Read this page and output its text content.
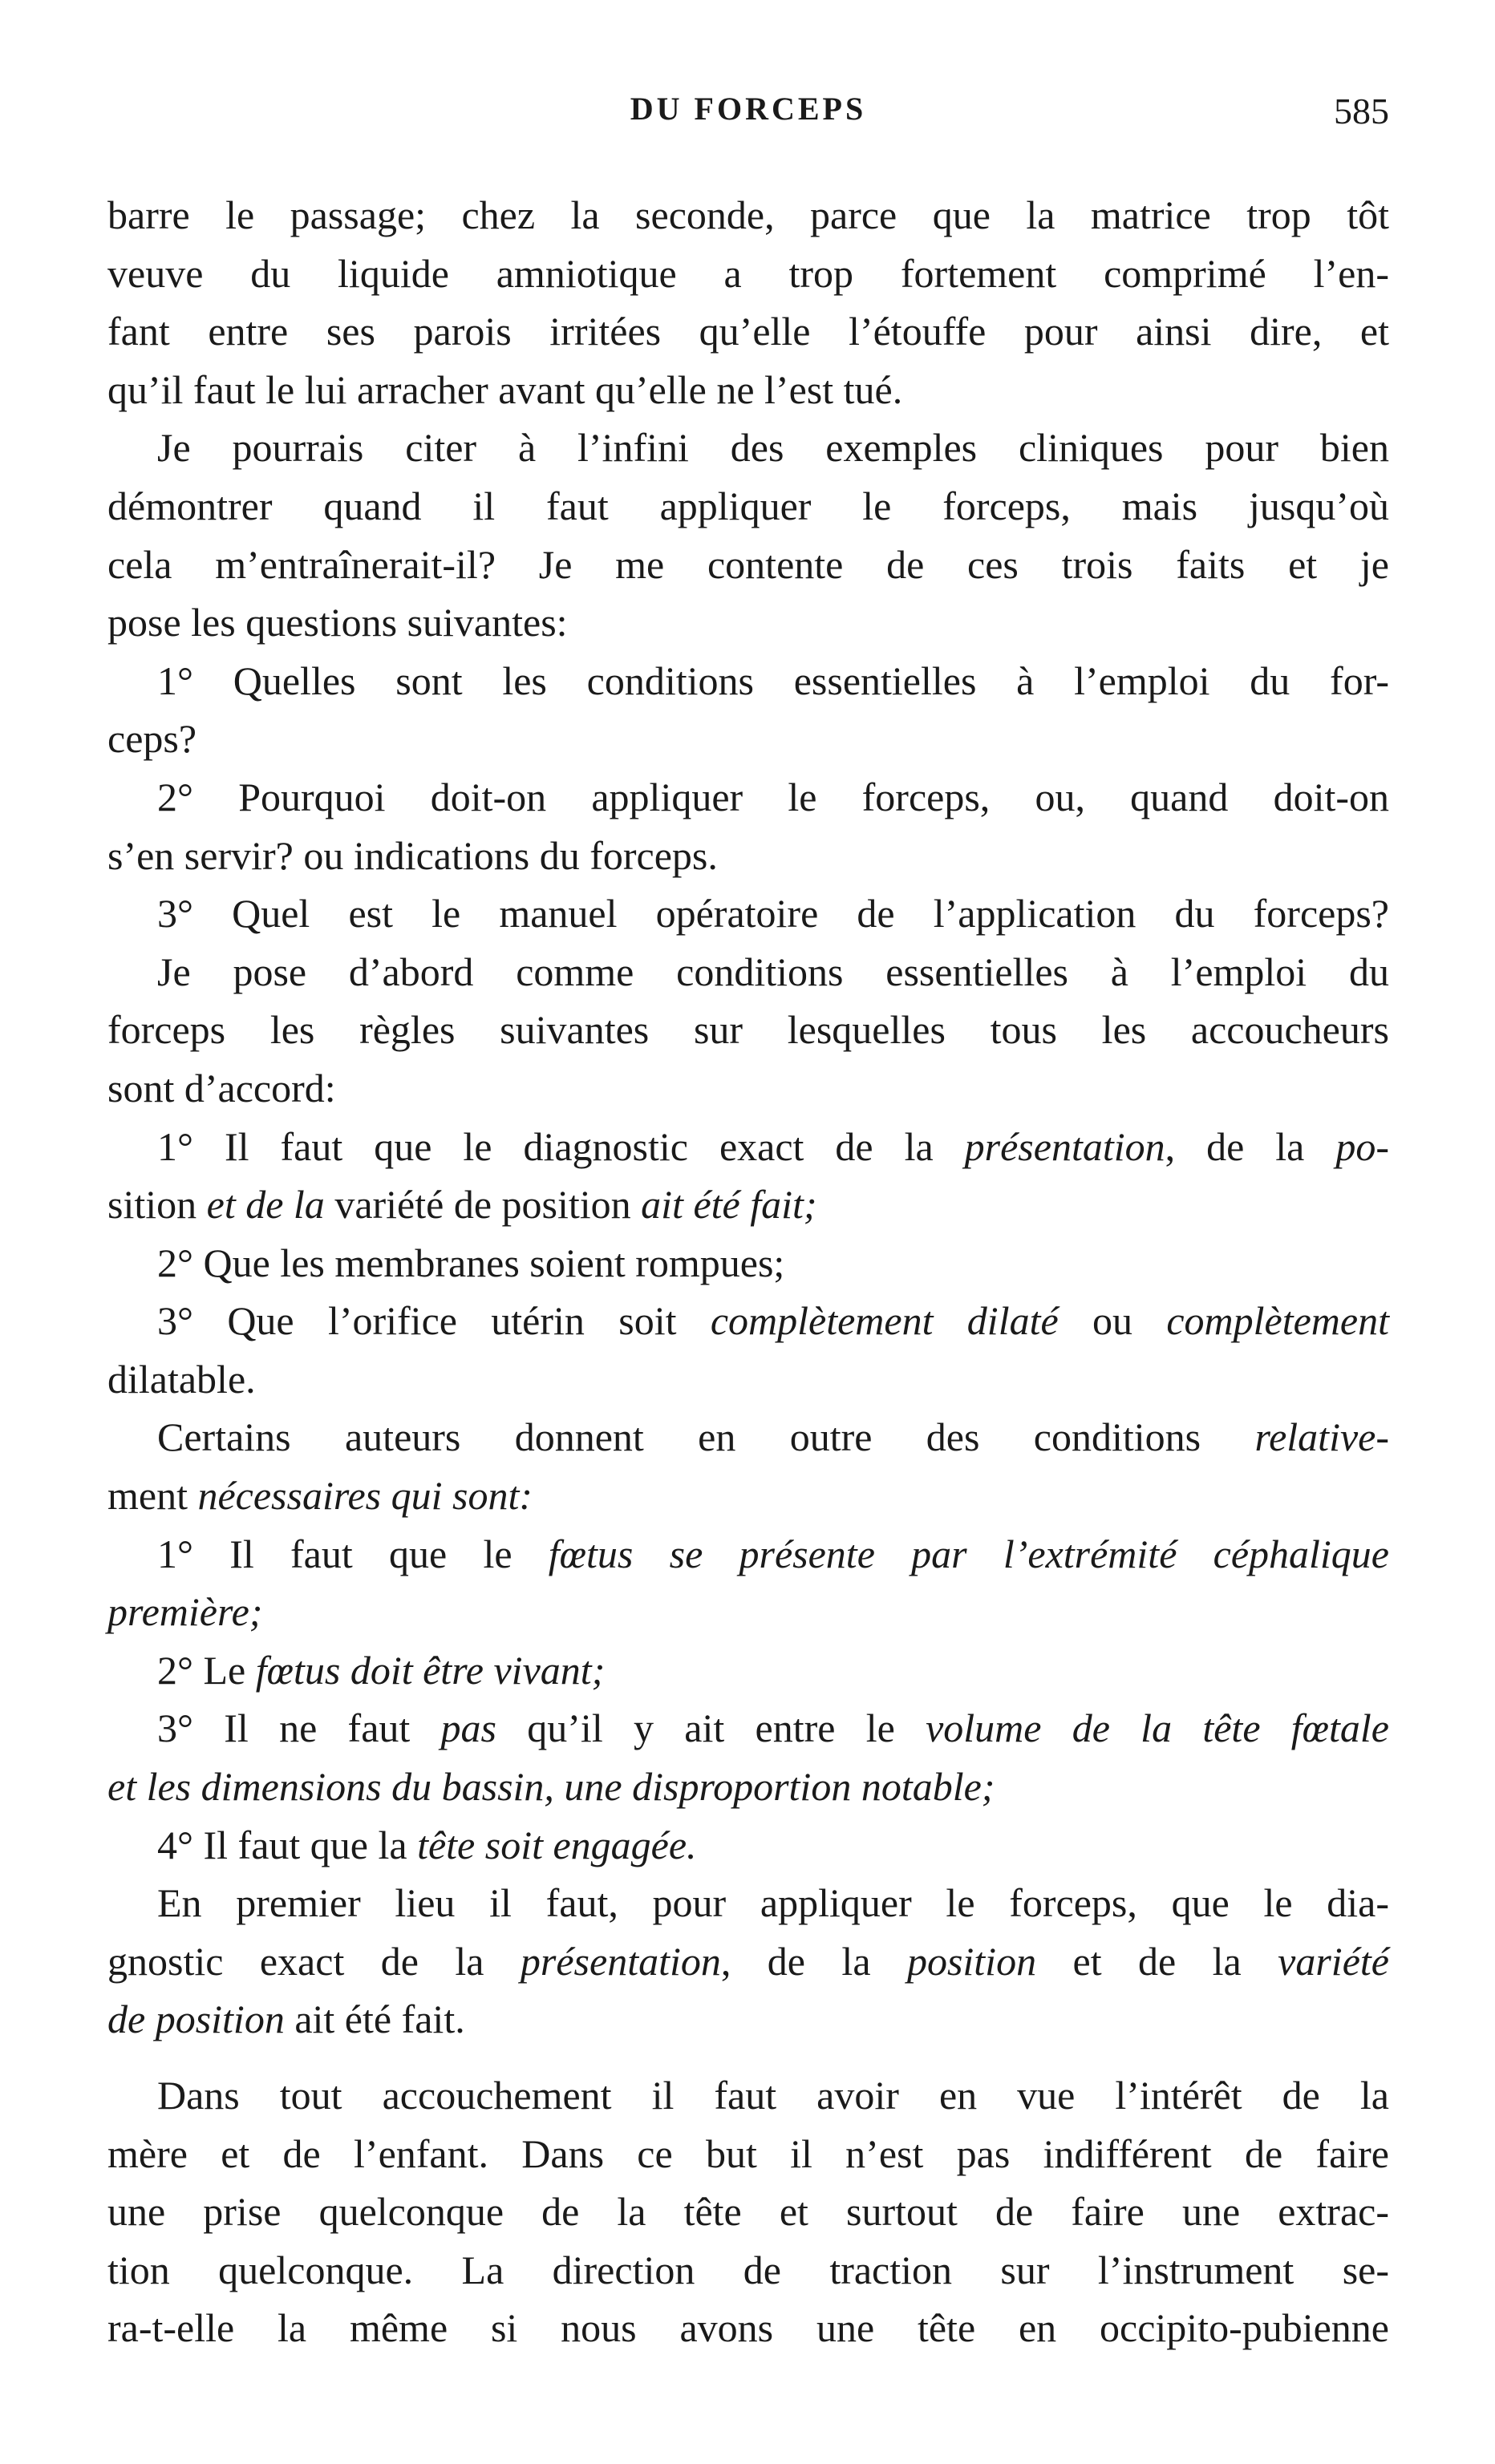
DU FORCEPS	585
barre le passage; chez la seconde, parce que la matrice trop tôt
veuve du liquide amniotique a trop fortement comprimé l’en-
fant entre ses parois irritées qu’elle l’étouffe pour ainsi dire, et
qu’il faut le lui arracher avant qu’elle ne l’est tué.
Je pourrais citer à l’infini des exemples cliniques pour bien
démontrer quand il faut appliquer le forceps, mais jusqu’où
cela m’entraînerait-il? Je me contente de ces trois faits et je
pose les questions suivantes:
1° Quelles sont les conditions essentielles à l’emploi du for-
ceps?
2° Pourquoi doit-on appliquer le forceps, ou, quand doit-on
s’en servir? ou indications du forceps.
3° Quel est le manuel opératoire de l’application du forceps?
Je pose d’abord comme conditions essentielles à l’emploi du
forceps les règles suivantes sur lesquelles tous les accoucheurs
sont d’accord:
1° Il faut que le diagnostic exact de la présentation, de la po-
sition et de la variété de position ait été fait;
2° Que les membranes soient rompues;
3° Que l’orifice utérin soit complètement dilaté ou complètement
dilatable.
Certains auteurs donnent en outre des conditions relative-
ment nécessaires qui sont:
1° Il faut que le fœtus se présente par l’extrémité céphalique
première;
2° Le fœtus doit être vivant;
3° Il ne faut pas qu’il y ait entre le volume de la tête fœtale
et les dimensions du bassin, une disproportion notable;
4° Il faut que la tête soit engagée.
En premier lieu il faut, pour appliquer le forceps, que le dia-
gnostic exact de la présentation, de la position et de la variété
de position ait été fait.
Dans tout accouchement il faut avoir en vue l’intérêt de la
mère et de l’enfant. Dans ce but il n’est pas indifférent de faire
une prise quelconque de la tête et surtout de faire une extrac-
tion quelconque. La direction de traction sur l’instrument se-
ra-t-elle la même si nous avons une tête en occipito-pubienne
